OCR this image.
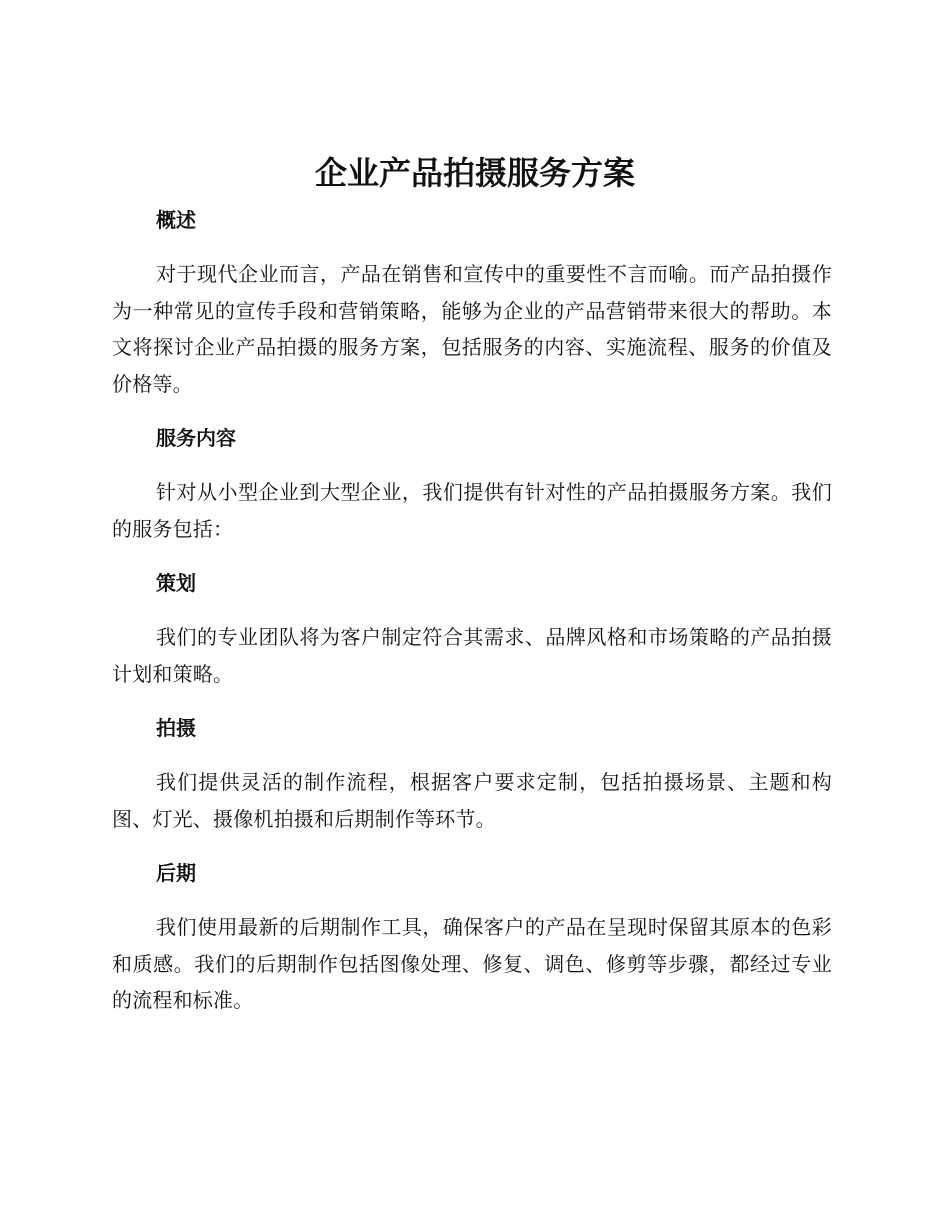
企业产品拍摄服务方案
概述

对于现代企业而言，产品在销售和宣传中的重要性不言而喻。而产品拍摄作为一种常见的宣传手段和营销策略，能够为企业的产品营销带来很大的帮助。本文将探讨企业产品拍摄的服务方案，包括服务的内容、实施流程、服务的价值及价格等。

服务内容

针对从小型企业到大型企业，我们提供有针对性的产品拍摄服务方案。我们的服务包括：

策划

我们的专业团队将为客户制定符合其需求、品牌风格和市场策略的产品拍摄计划和策略。

拍摄

我们提供灵活的制作流程，根据客户要求定制，包括拍摄场景、主题和构图、灯光、摄像机拍摄和后期制作等环节。

后期

我们使用最新的后期制作工具，确保客户的产品在呈现时保留其原本的色彩和质感。我们的后期制作包括图像处理、修复、调色、修剪等步骤，都经过专业的流程和标准。
